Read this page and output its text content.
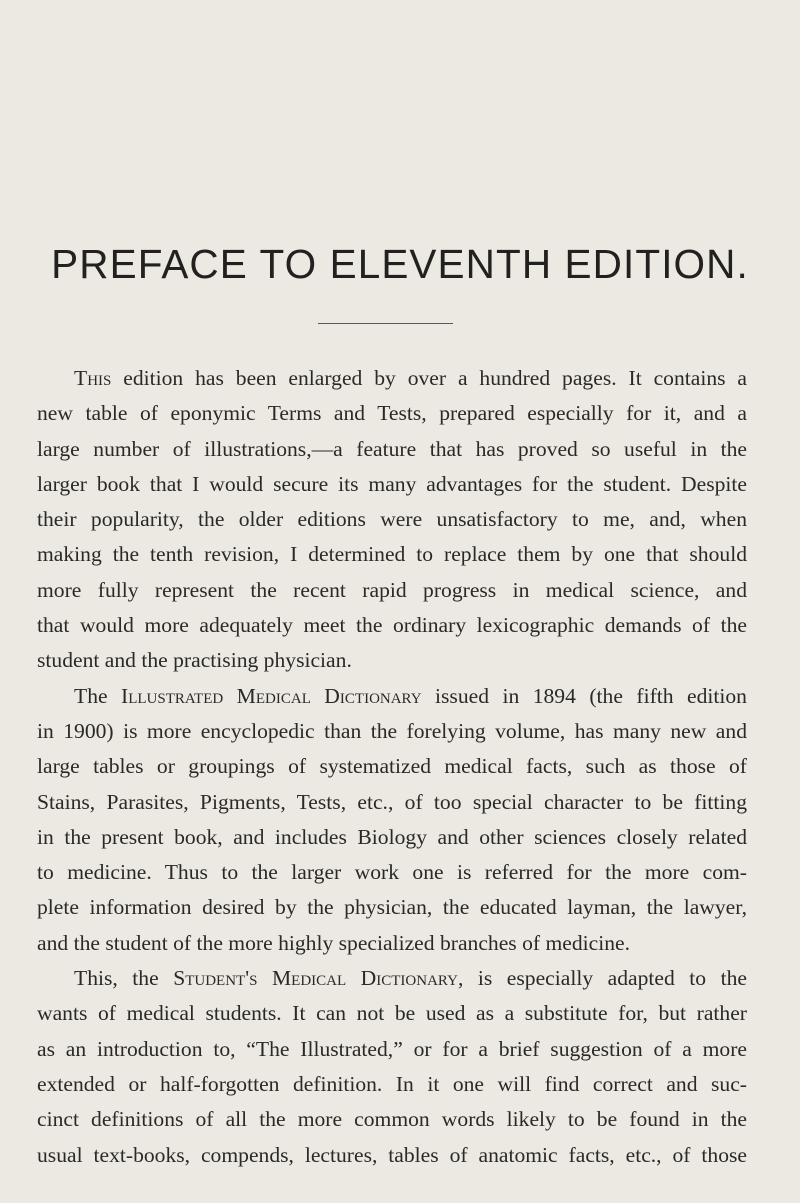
PREFACE TO ELEVENTH EDITION.
This edition has been enlarged by over a hundred pages. It contains a
new table of eponymic Terms and Tests, prepared especially for it, and a
large number of illustrations,—a feature that has proved so useful in the
larger book that I would secure its many advantages for the student. Despite
their popularity, the older editions were unsatisfactory to me, and, when
making the tenth revision, I determined to replace them by one that should
more fully represent the recent rapid progress in medical science, and
that would more adequately meet the ordinary lexicographic demands of the
student and the practising physician.
The Illustrated Medical Dictionary issued in 1894 (the fifth edition
in 1900) is more encyclopedic than the forelying volume, has many new and
large tables or groupings of systematized medical facts, such as those of
Stains, Parasites, Pigments, Tests, etc., of too special character to be fitting
in the present book, and includes Biology and other sciences closely related
to medicine. Thus to the larger work one is referred for the more com-
plete information desired by the physician, the educated layman, the lawyer,
and the student of the more highly specialized branches of medicine.
This, the Student's Medical Dictionary, is especially adapted to the
wants of medical students. It can not be used as a substitute for, but rather
as an introduction to, “The Illustrated,” or for a brief suggestion of a more
extended or half-forgotten definition. In it one will find correct and suc-
cinct definitions of all the more common words likely to be found in the
usual text-books, compends, lectures, tables of anatomic facts, etc., of those
